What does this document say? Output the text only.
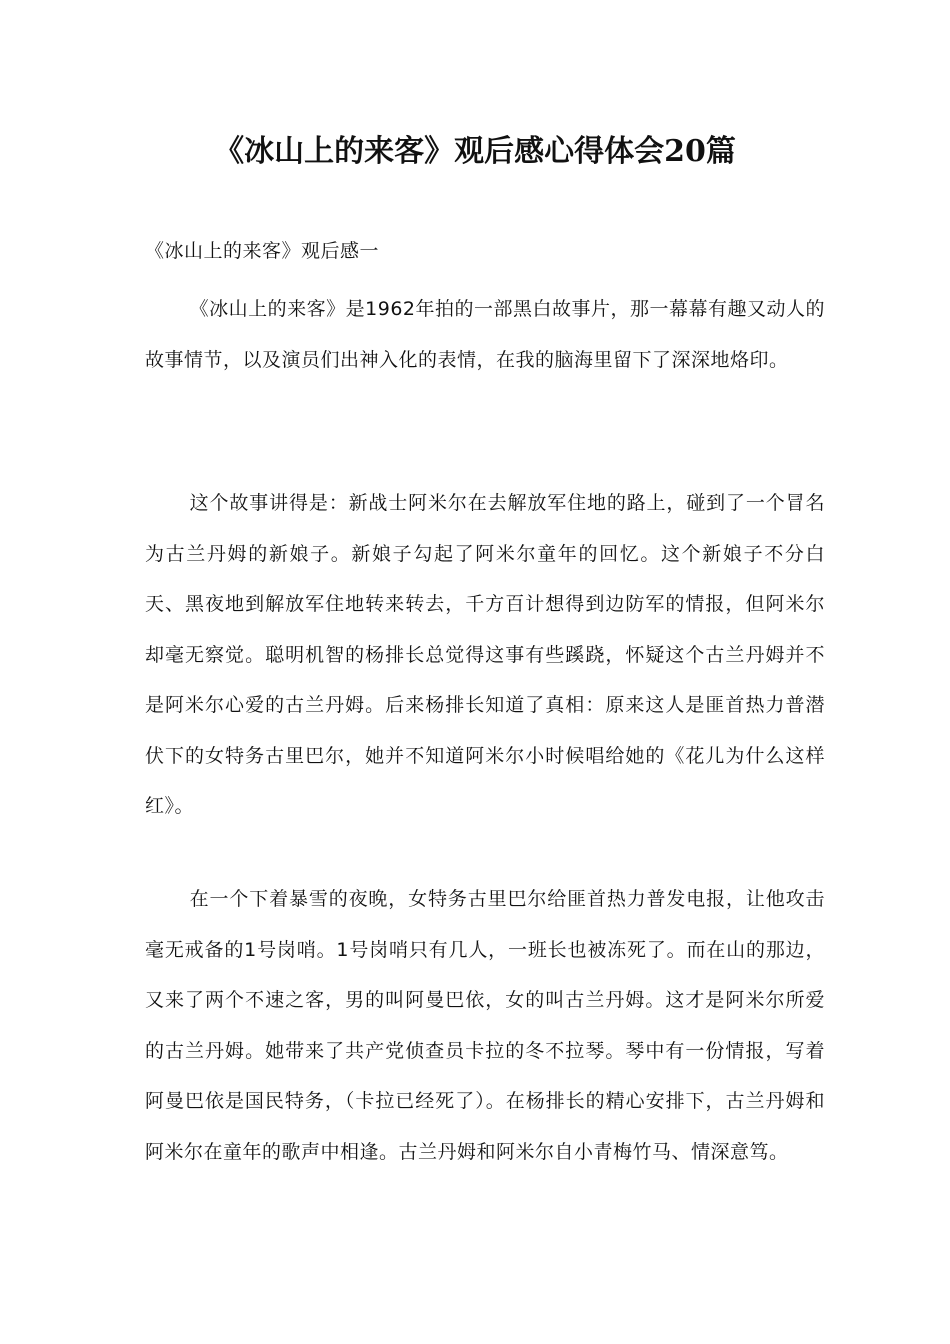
《冰山上的来客》观后感心得体会20篇
《冰山上的来客》观后感一

《冰山上的来客》是1962年拍的一部黑白故事片，那一幕幕有趣又动人的故事情节，以及演员们出神入化的表情，在我的脑海里留下了深深地烙印。

这个故事讲得是：新战士阿米尔在去解放军住地的路上，碰到了一个冒名为古兰丹姆的新娘子。新娘子勾起了阿米尔童年的回忆。这个新娘子不分白天、黑夜地到解放军住地转来转去，千方百计想得到边防军的情报，但阿米尔却毫无察觉。聪明机智的杨排长总觉得这事有些蹊跷，怀疑这个古兰丹姆并不是阿米尔心爱的古兰丹姆。后来杨排长知道了真相：原来这人是匪首热力普潜伏下的女特务古里巴尔，她并不知道阿米尔小时候唱给她的《花儿为什么这样红》。

在一个下着暴雪的夜晚，女特务古里巴尔给匪首热力普发电报，让他攻击毫无戒备的1号岗哨。1号岗哨只有几人，一班长也被冻死了。而在山的那边，又来了两个不速之客，男的叫阿曼巴依，女的叫古兰丹姆。这才是阿米尔所爱的古兰丹姆。她带来了共产党侦查员卡拉的冬不拉琴。琴中有一份情报，写着阿曼巴依是国民特务，（卡拉已经死了）。在杨排长的精心安排下，古兰丹姆和阿米尔在童年的歌声中相逢。古兰丹姆和阿米尔自小青梅竹马、情深意笃。
